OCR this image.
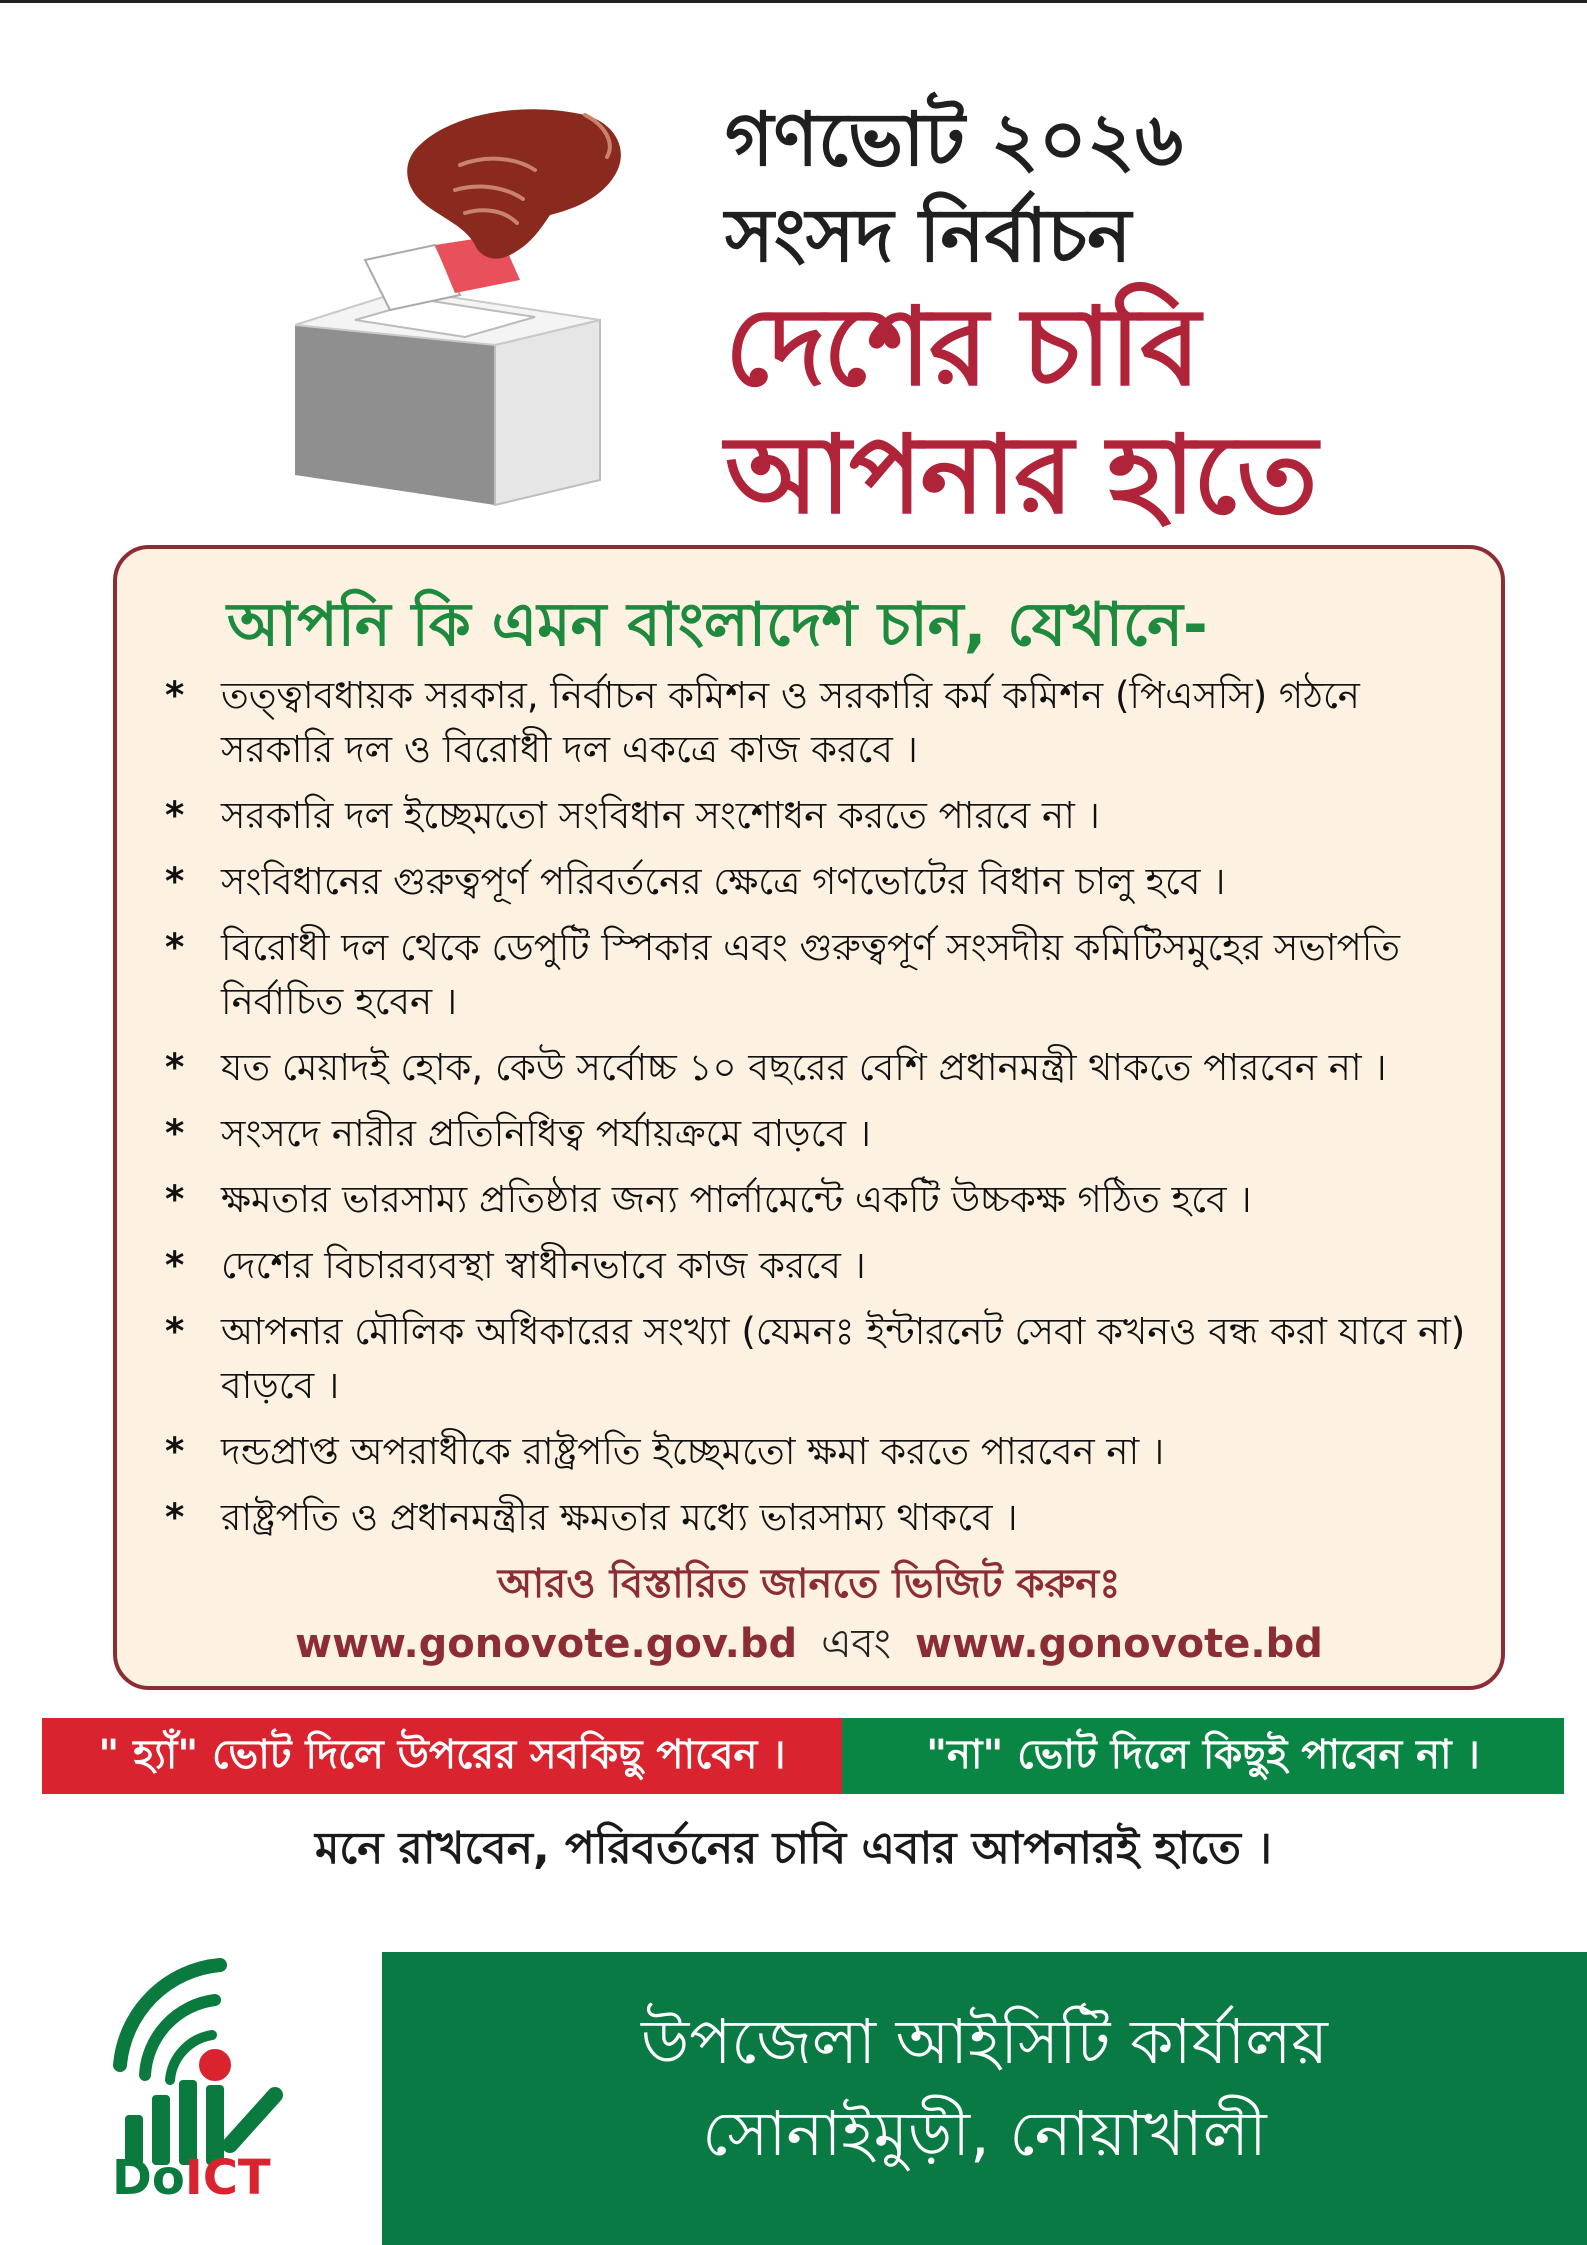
গণভোট ২০২৬
সংসদ নির্বাচন
দেশের চাবি
আপনার হাতে
আপনি কি এমন বাংলাদেশ চান, যেখানে-
* তত্ত্বাবধায়ক সরকার, নির্বাচন কমিশন ও সরকারি কর্ম কমিশন (পিএসসি) গঠনে সরকারি দল ও বিরোধী দল একত্রে কাজ করবে ।
* সরকারি দল ইচ্ছেমতো সংবিধান সংশোধন করতে পারবে না ।
* সংবিধানের গুরুত্বপূর্ণ পরিবর্তনের ক্ষেত্রে গণভোটের বিধান চালু হবে ।
* বিরোধী দল থেকে ডেপুটি স্পিকার এবং গুরুত্বপূর্ণ সংসদীয় কমিটিসমুহের সভাপতি নির্বাচিত হবেন ।
* যত মেয়াদই হোক, কেউ সর্বোচ্চ ১০ বছরের বেশি প্রধানমন্ত্রী থাকতে পারবেন না ।
* সংসদে নারীর প্রতিনিধিত্ব পর্যায়ক্রমে বাড়বে ।
* ক্ষমতার ভারসাম্য প্রতিষ্ঠার জন্য পার্লামেন্টে একটি উচ্চকক্ষ গঠিত হবে ।
* দেশের বিচারব্যবস্থা স্বাধীনভাবে কাজ করবে ।
* আপনার মৌলিক অধিকারের সংখ্যা (যেমনঃ ইন্টারনেট সেবা কখনও বন্ধ করা যাবে না) বাড়বে ।
* দন্ডপ্রাপ্ত অপরাধীকে রাষ্ট্রপতি ইচ্ছেমতো ক্ষমা করতে পারবেন না ।
* রাষ্ট্রপতি ও প্রধানমন্ত্রীর ক্ষমতার মধ্যে ভারসাম্য থাকবে ।
আরও বিস্তারিত জানতে ভিজিট করুনঃ
www.gonovote.gov.bd এবং www.gonovote.bd
" হ্যাঁ" ভোট দিলে উপরের সবকিছু পাবেন ।	"না" ভোট দিলে কিছুই পাবেন না ।
মনে রাখবেন, পরিবর্তনের চাবি এবার আপনারই হাতে ।
DoICT
উপজেলা আইসিটি কার্যালয়
সোনাইমুড়ী, নোয়াখালী
